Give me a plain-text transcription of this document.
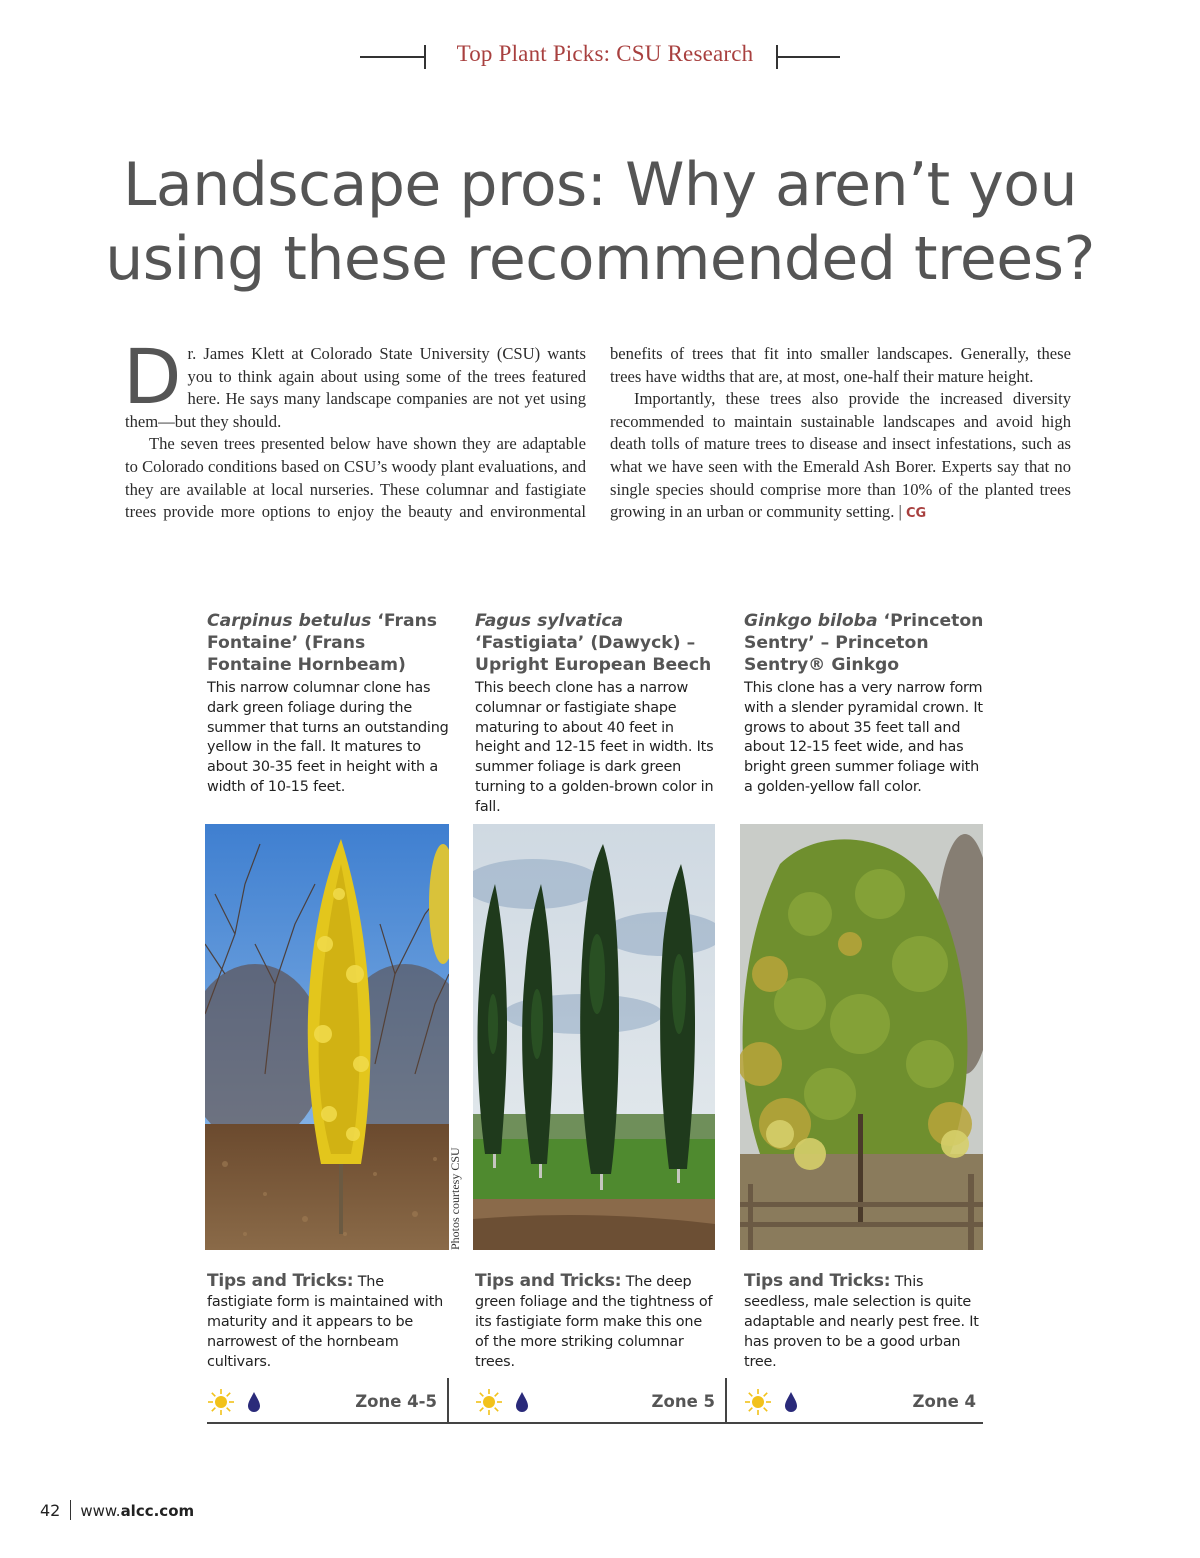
Top Plant Picks: CSU Research
Landscape pros: Why aren’t you
using these recommended trees?

Dr. James Klett at Colorado State University (CSU) wants you to think again about using some of the trees featured here. He says many landscape companies are not yet using them—but they should.

The seven trees presented below have shown they are adaptable to Colorado conditions based on CSU’s woody plant evaluations, and they are available at local nurseries. These columnar and fastigiate trees provide more options to enjoy the beauty and environmental benefits of trees that fit into smaller landscapes. Generally, these trees have widths that are, at most, one-half their mature height.

Importantly, these trees also provide the increased diversity recommended to maintain sustainable landscapes and avoid high death tolls of mature trees to disease and insect infestations, such as what we have seen with the Emerald Ash Borer. Experts say that no single species should comprise more than 10% of the planted trees growing in an urban or community setting. | CG

Carpinus betulus ‘Frans Fontaine’ (Frans Fontaine Hornbeam)

This narrow columnar clone has dark green foliage during the summer that turns an outstanding yellow in the fall. It matures to about 30-35 feet in height with a width of 10-15 feet.

Fagus sylvatica ‘Fastigiata’ (Dawyck) – Upright European Beech

This beech clone has a narrow columnar or fastigiate shape maturing to about 40 feet in height and 12-15 feet in width. Its summer foliage is dark green turning to a golden-brown color in fall.

Ginkgo biloba ‘Princeton Sentry’ – Princeton Sentry® Ginkgo

This clone has a very narrow form with a slender pyramidal crown. It grows to about 35 feet tall and about 12-15 feet wide, and has bright green summer foliage with a golden-yellow fall color.

Photos courtesy CSU
Tips and Tricks: The fastigiate form is maintained with maturity and it appears to be narrowest of the hornbeam cultivars.
Tips and Tricks: The deep green foliage and the tightness of its fastigiate form make this one of the more striking columnar trees.
Tips and Tricks: This seedless, male selection is quite adaptable and nearly pest free. It has proven to be a good urban tree.
Zone 4-5	Zone 5	Zone 4
42 www.alcc.com
